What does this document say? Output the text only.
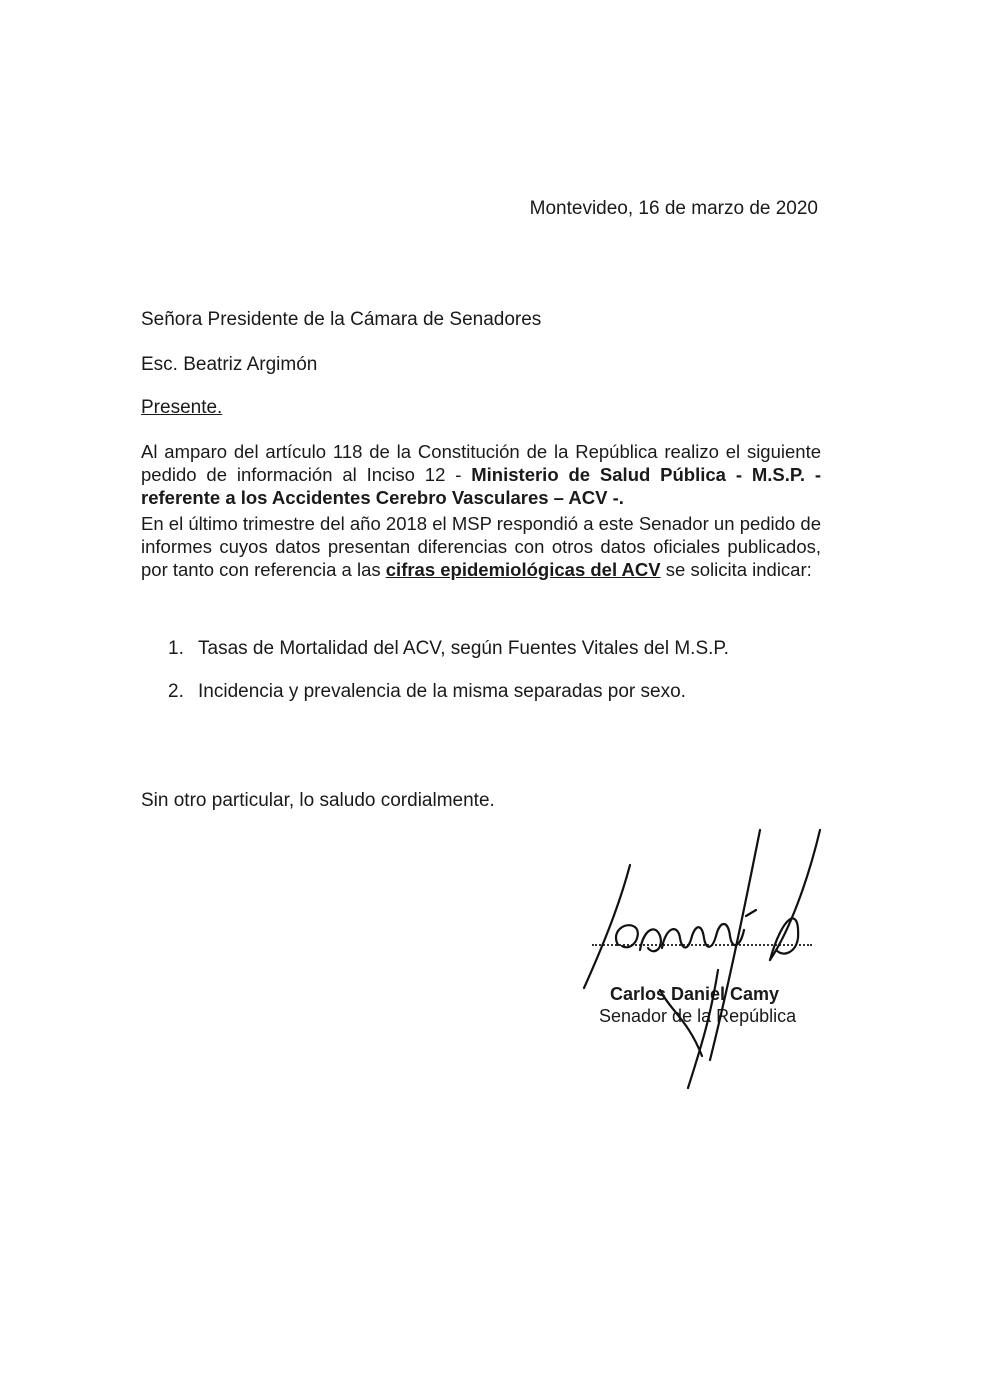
Montevideo, 16 de marzo de 2020
Señora Presidente de la Cámara de Senadores
Esc. Beatriz Argimón
Presente.
Al amparo del artículo 118 de la Constitución de la República realizo el siguiente pedido de información al Inciso 12 - Ministerio de Salud Pública - M.S.P. - referente a los Accidentes Cerebro Vasculares – ACV -.
En el último trimestre del año 2018 el MSP respondió a este Senador un pedido de informes cuyos datos presentan diferencias con otros datos oficiales publicados, por tanto con referencia a las cifras epidemiológicas del ACV se solicita indicar:
1. Tasas de Mortalidad del ACV, según Fuentes Vitales del M.S.P.
2. Incidencia y prevalencia de la misma separadas por sexo.
Sin otro particular, lo saludo cordialmente.
Carlos Daniel Camy
Senador de la República
